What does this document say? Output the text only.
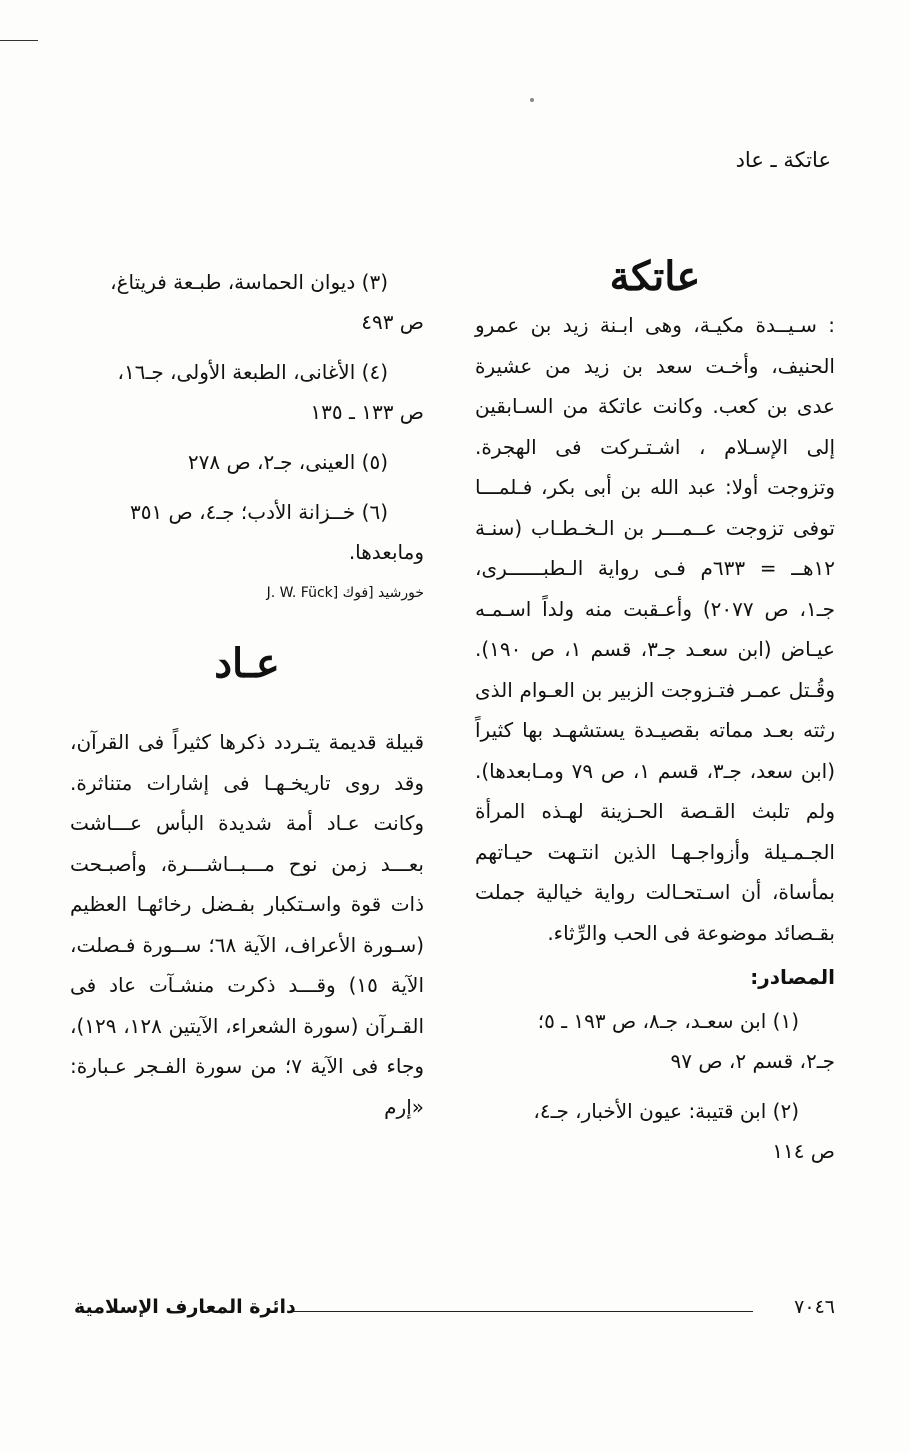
عاتكة ـ عاد
عاتكة

: سـيــدة مكيـة، وهى ابـنة زيد بن عمرو الحنيف، وأخـت سعد بن زيد من عشيرة عدى بن كعب. وكانت عاتكة من السـابقين إلى الإسـلام ، اشـتـركت فى الهجرة. وتزوجت أولا: عبد الله بن أبى بكر، فـلمـــا توفى تزوجت عــمـــر بن الـخـطـاب (سنـة ١٢هــ = ٦٣٣م فـى رواية الـطبــــــرى، جـ١، ص ٢٠٧٧) وأعـقبت منه ولداً اسـمـه عيـاض (ابن سعـد جـ٣، قسم ١، ص ١٩٠). وقُـتل عمـر فتـزوجت الزبير بن العـوام الذى رثته بعـد مماته بقصيـدة يستشهـد بها كثيراً (ابن سعد، جـ٣، قسم ١، ص ٧٩ ومـابعدها). ولم تلبث القـصة الحـزينة لهـذه المرأة الجـمـيلة وأزواجـهـا الذين انتـهت حيـاتهم بمأساة، أن اسـتحـالت رواية خيالية جملت بقـصائد موضوعة فى الحب والرِّثاء.

المصادر:
(١) ابن سعـد، جـ٨، ص ١٩٣ ـ ٥؛
جـ٢، قسم ٢، ص ٩٧
(٢) ابن قتيبة: عيون الأخبار، جـ٤،
ص ١١٤
(٣) ديوان الحماسة، طبـعة فريتاغ،
ص ٤٩٣
(٤) الأغانى، الطبعة الأولى، جـ١٦،
ص ١٣٣ ـ ١٣٥
(٥) العينى، جـ٢، ص ٢٧٨
(٦) خــزانة الأدب؛ جـ٤، ص ٣٥١
ومابعدها.
خورشيد [فوك J. W. Fück]
عـاد

قبيلة قديمة يتـردد ذكرها كثيراً فى القرآن، وقد روى تاريخـهـا فى إشارات متناثرة. وكانت عـاد أمة شديدة البأس عـــاشت بعـــد زمن نوح مـــبــاشـــرة، وأصبـحت ذات قوة واسـتكبار بفـضل رخائهـا العظيم (سـورة الأعراف، الآية ٦٨؛ ســورة فـصلت، الآية ١٥) وقـــد ذكرت منشـآت عاد فى القـرآن (سورة الشعراء، الآيتين ١٢٨، ١٢٩)، وجاء فى الآية ٧؛ من سورة الفـجر عـبارة: «إرم

٧٠٤٦
دائرة المعارف الإسلامية
